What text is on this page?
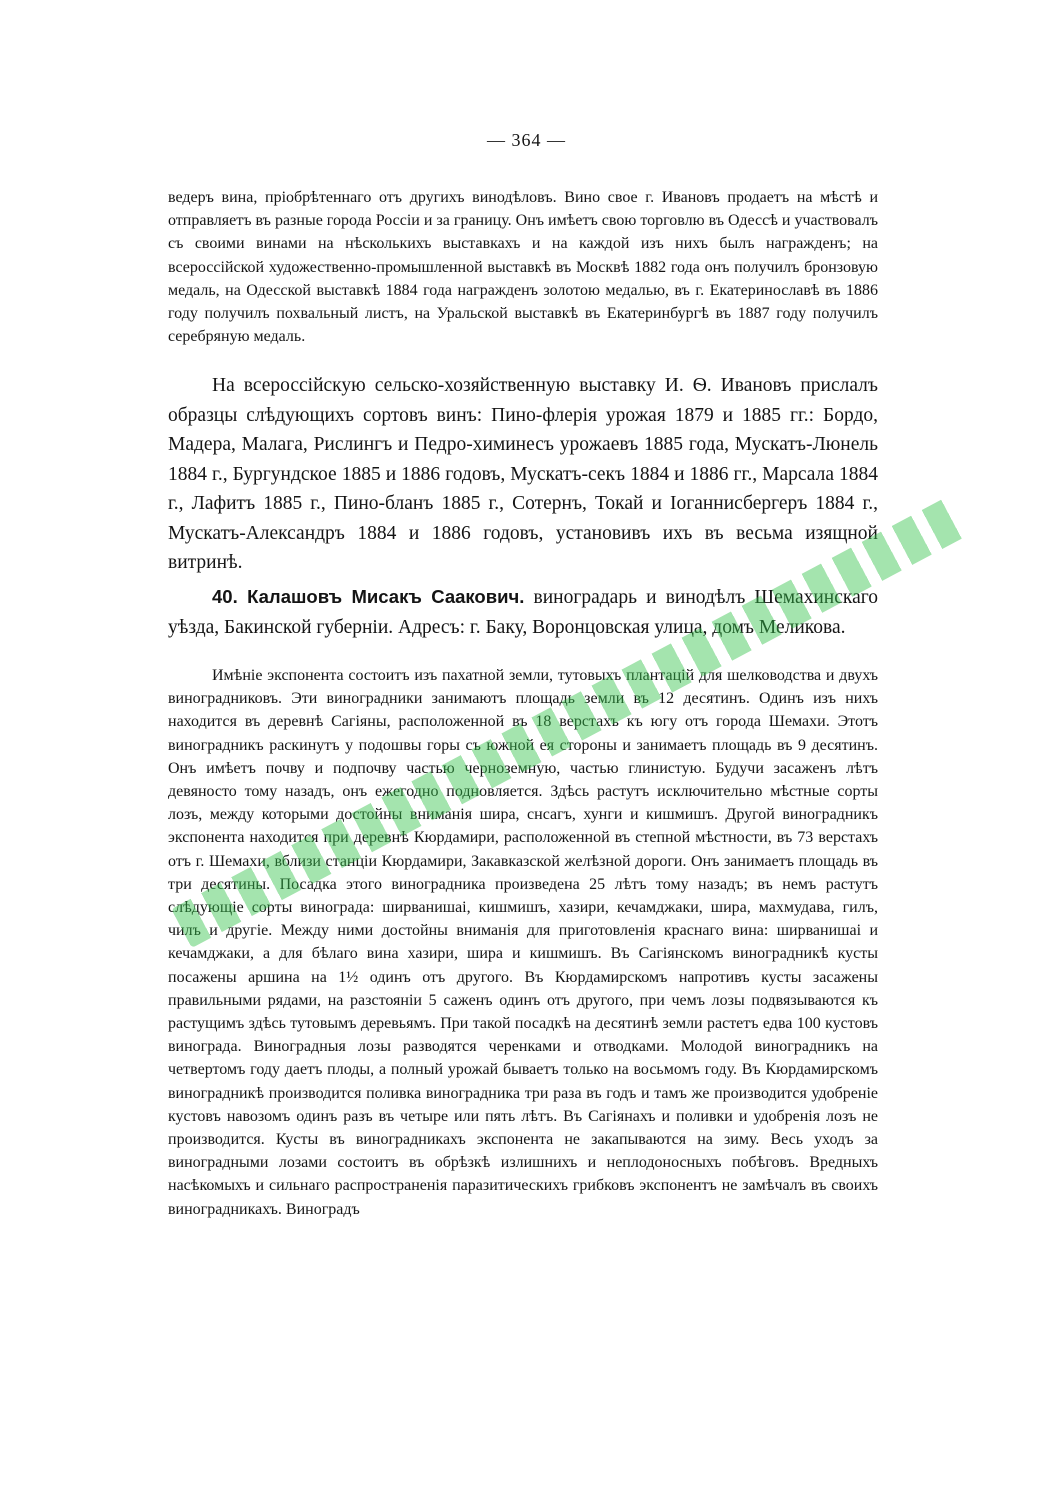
— 364 —

ведеръ вина, пріобрѣтеннаго отъ другихъ винодѣловъ. Вино свое г. Ивановъ продаетъ на мѣстѣ и отправляетъ въ разные города Россіи и за границу. Онъ имѣетъ свою торговлю въ Одессѣ и участвовалъ съ своими винами на нѣсколькихъ выставкахъ и на каждой изъ нихъ былъ награжденъ; на всероссійской художественно-промышленной выставкѣ въ Москвѣ 1882 года онъ получилъ бронзовую медаль, на Одесской выставкѣ 1884 года награжденъ золотою медалью, въ г. Екатеринославѣ въ 1886 году получилъ похвальный листъ, на Уральской выставкѣ въ Екатеринбургѣ въ 1887 году получилъ серебряную медаль.

На всероссійскую сельско-хозяйственную выставку И. Ѳ. Ивановъ прислалъ образцы слѣдующихъ сортовъ винъ: Пино-флерія урожая 1879 и 1885 гг.: Бордо, Мадера, Малага, Рислингъ и Педро-химинесъ урожаевъ 1885 года, Мускатъ-Люнель 1884 г., Бургундское 1885 и 1886 годовъ, Мускатъ-секъ 1884 и 1886 гг., Марсала 1884 г., Лафитъ 1885 г., Пино-бланъ 1885 г., Сотернъ, Токай и Іоганнисбергеръ 1884 г., Мускатъ-Александръ 1884 и 1886 годовъ, установивъ ихъ въ весьма изящной витринѣ.

40. Калашовъ Мисакъ Саакович. виноградарь и винодѣлъ Шемахинскаго уѣзда, Бакинской губерніи. Адресъ: г. Баку, Воронцовская улица, домъ Меликова.

Имѣніе экспонента состоитъ изъ пахатной земли, тутовыхъ плантацій для шелководства и двухъ виноградниковъ. Эти виноградники занимаютъ площадь земли въ 12 десятинъ. Одинъ изъ нихъ находится въ деревнѣ Сагіяны, расположенной въ 18 верстахъ къ югу отъ города Шемахи. Этотъ виноградникъ раскинутъ у подошвы горы съ южной ея стороны и занимаетъ площадь въ 9 десятинъ. Онъ имѣетъ почву и подпочву частью черноземную, частью глинистую. Будучи засаженъ лѣтъ девяносто тому назадъ, онъ ежегодно подновляется. Здѣсь растутъ исключительно мѣстные сорты лозъ, между которыми достойны вниманія шира, снсагъ, хунги и кишмишъ. Другой виноградникъ экспонента находится при деревнѣ Кюрдамири, расположенной въ степной мѣстности, въ 73 верстахъ отъ г. Шемахи, вблизи станціи Кюрдамири, Закавказской желѣзной дороги. Онъ занимаетъ площадь въ три десятины. Посадка этого виноградника произведена 25 лѣтъ тому назадъ; въ немъ растутъ слѣдующіе сорты винограда: ширванишаі, кишмишъ, хазири, кечамджаки, шира, махмудава, гилъ, чилъ и другіе. Между ними достойны вниманія для приготовленія краснаго вина: ширванишаі и кечамджаки, а для бѣлаго вина хазири, шира и кишмишъ. Въ Сагіянскомъ виноградникѣ кусты посажены аршина на 1½ одинъ отъ другого. Въ Кюрдамирскомъ напротивъ кусты засажены правильными рядами, на разстояніи 5 саженъ одинъ отъ другого, при чемъ лозы подвязываются къ растущимъ здѣсь тутовымъ деревьямъ. При такой посадкѣ на десятинѣ земли растетъ едва 100 кустовъ винограда. Виноградныя лозы разводятся черенками и отводками. Молодой виноградникъ на четвертомъ году даетъ плоды, а полный урожай бываетъ только на восьмомъ году. Въ Кюрдамирскомъ виноградникѣ производится поливка виноградника три раза въ годъ и тамъ же производится удобреніе кустовъ навозомъ одинъ разъ въ четыре или пять лѣтъ. Въ Сагіянахъ и поливки и удобренія лозъ не производится. Кусты въ виноградникахъ экспонента не закапываются на зиму. Весь уходъ за виноградными лозами состоитъ въ обрѣзкѣ излишнихъ и неплодоносныхъ побѣговъ. Вредныхъ насѣкомыхъ и сильнаго распространенія паразитическихъ грибковъ экспонентъ не замѣчалъ въ своихъ виноградникахъ. Виноградъ
